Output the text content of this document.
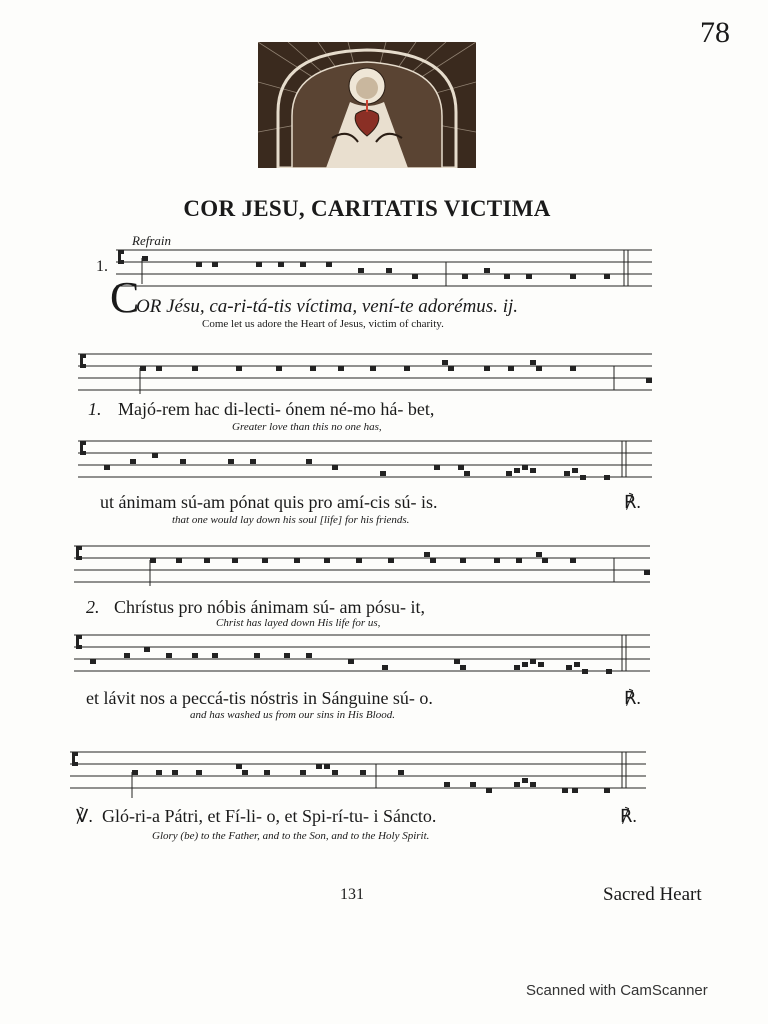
78
COR JESU, CARITATIS VICTIMA
Refrain
1.
C
OR Jésu, ca-ri-tá-tis víctima, vení-te adorémus. ij.
Come let us adore the Heart of Jesus, victim of charity.
1. Majó-rem hac di-lecti- ónem né-mo há- bet,
Greater love than this no one has,
ut ánimam sú-am pónat quis pro amí-cis sú- is.	℟.
that one would lay down his soul [life] for his friends.
2. Chrístus pro nóbis ánimam sú- am pósu- it,
Christ has layed down His life for us,
et lávit nos a peccá-tis nóstris in Sánguine sú- o.	℟.
and has washed us from our sins in His Blood.
℣. Gló-ri-a Pátri, et Fí-li- o, et Spi-rí-tu- i Sáncto.	℟.
Glory (be) to the Father, and to the Son, and to the Holy Spirit.
131	Sacred Heart
Scanned with CamScanner
